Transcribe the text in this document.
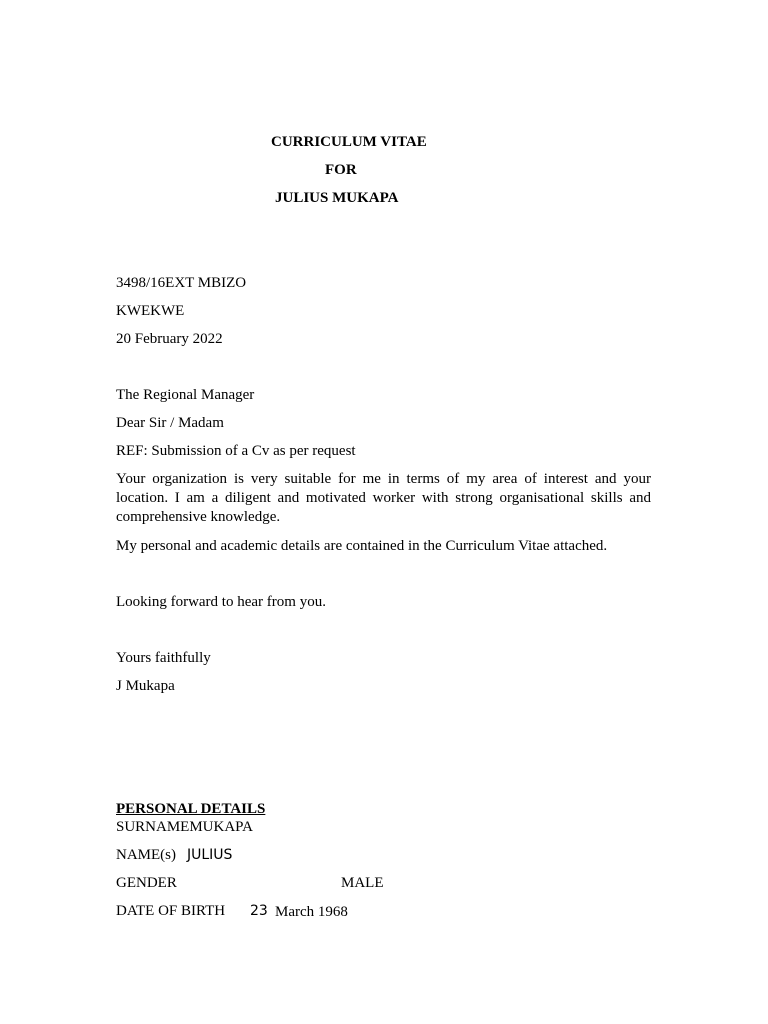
CURRICULUM VITAE
FOR
JULIUS MUKAPA
3498/16EXT MBIZO
KWEKWE
20 February 2022
The Regional Manager
Dear Sir / Madam
REF: Submission of a Cv as per request
Your organization is very suitable for me in terms of my area of interest and your location. I am a diligent and motivated worker with strong organisational skills and comprehensive knowledge.
My personal and academic details are contained in the Curriculum Vitae attached.
Looking forward to hear from you.
Yours faithfully
J Mukapa
PERSONAL DETAILS
SURNAMEMUKAPA
NAME(s) JULIUS
GENDER	MALE
DATE OF BIRTH 23 March 1968
